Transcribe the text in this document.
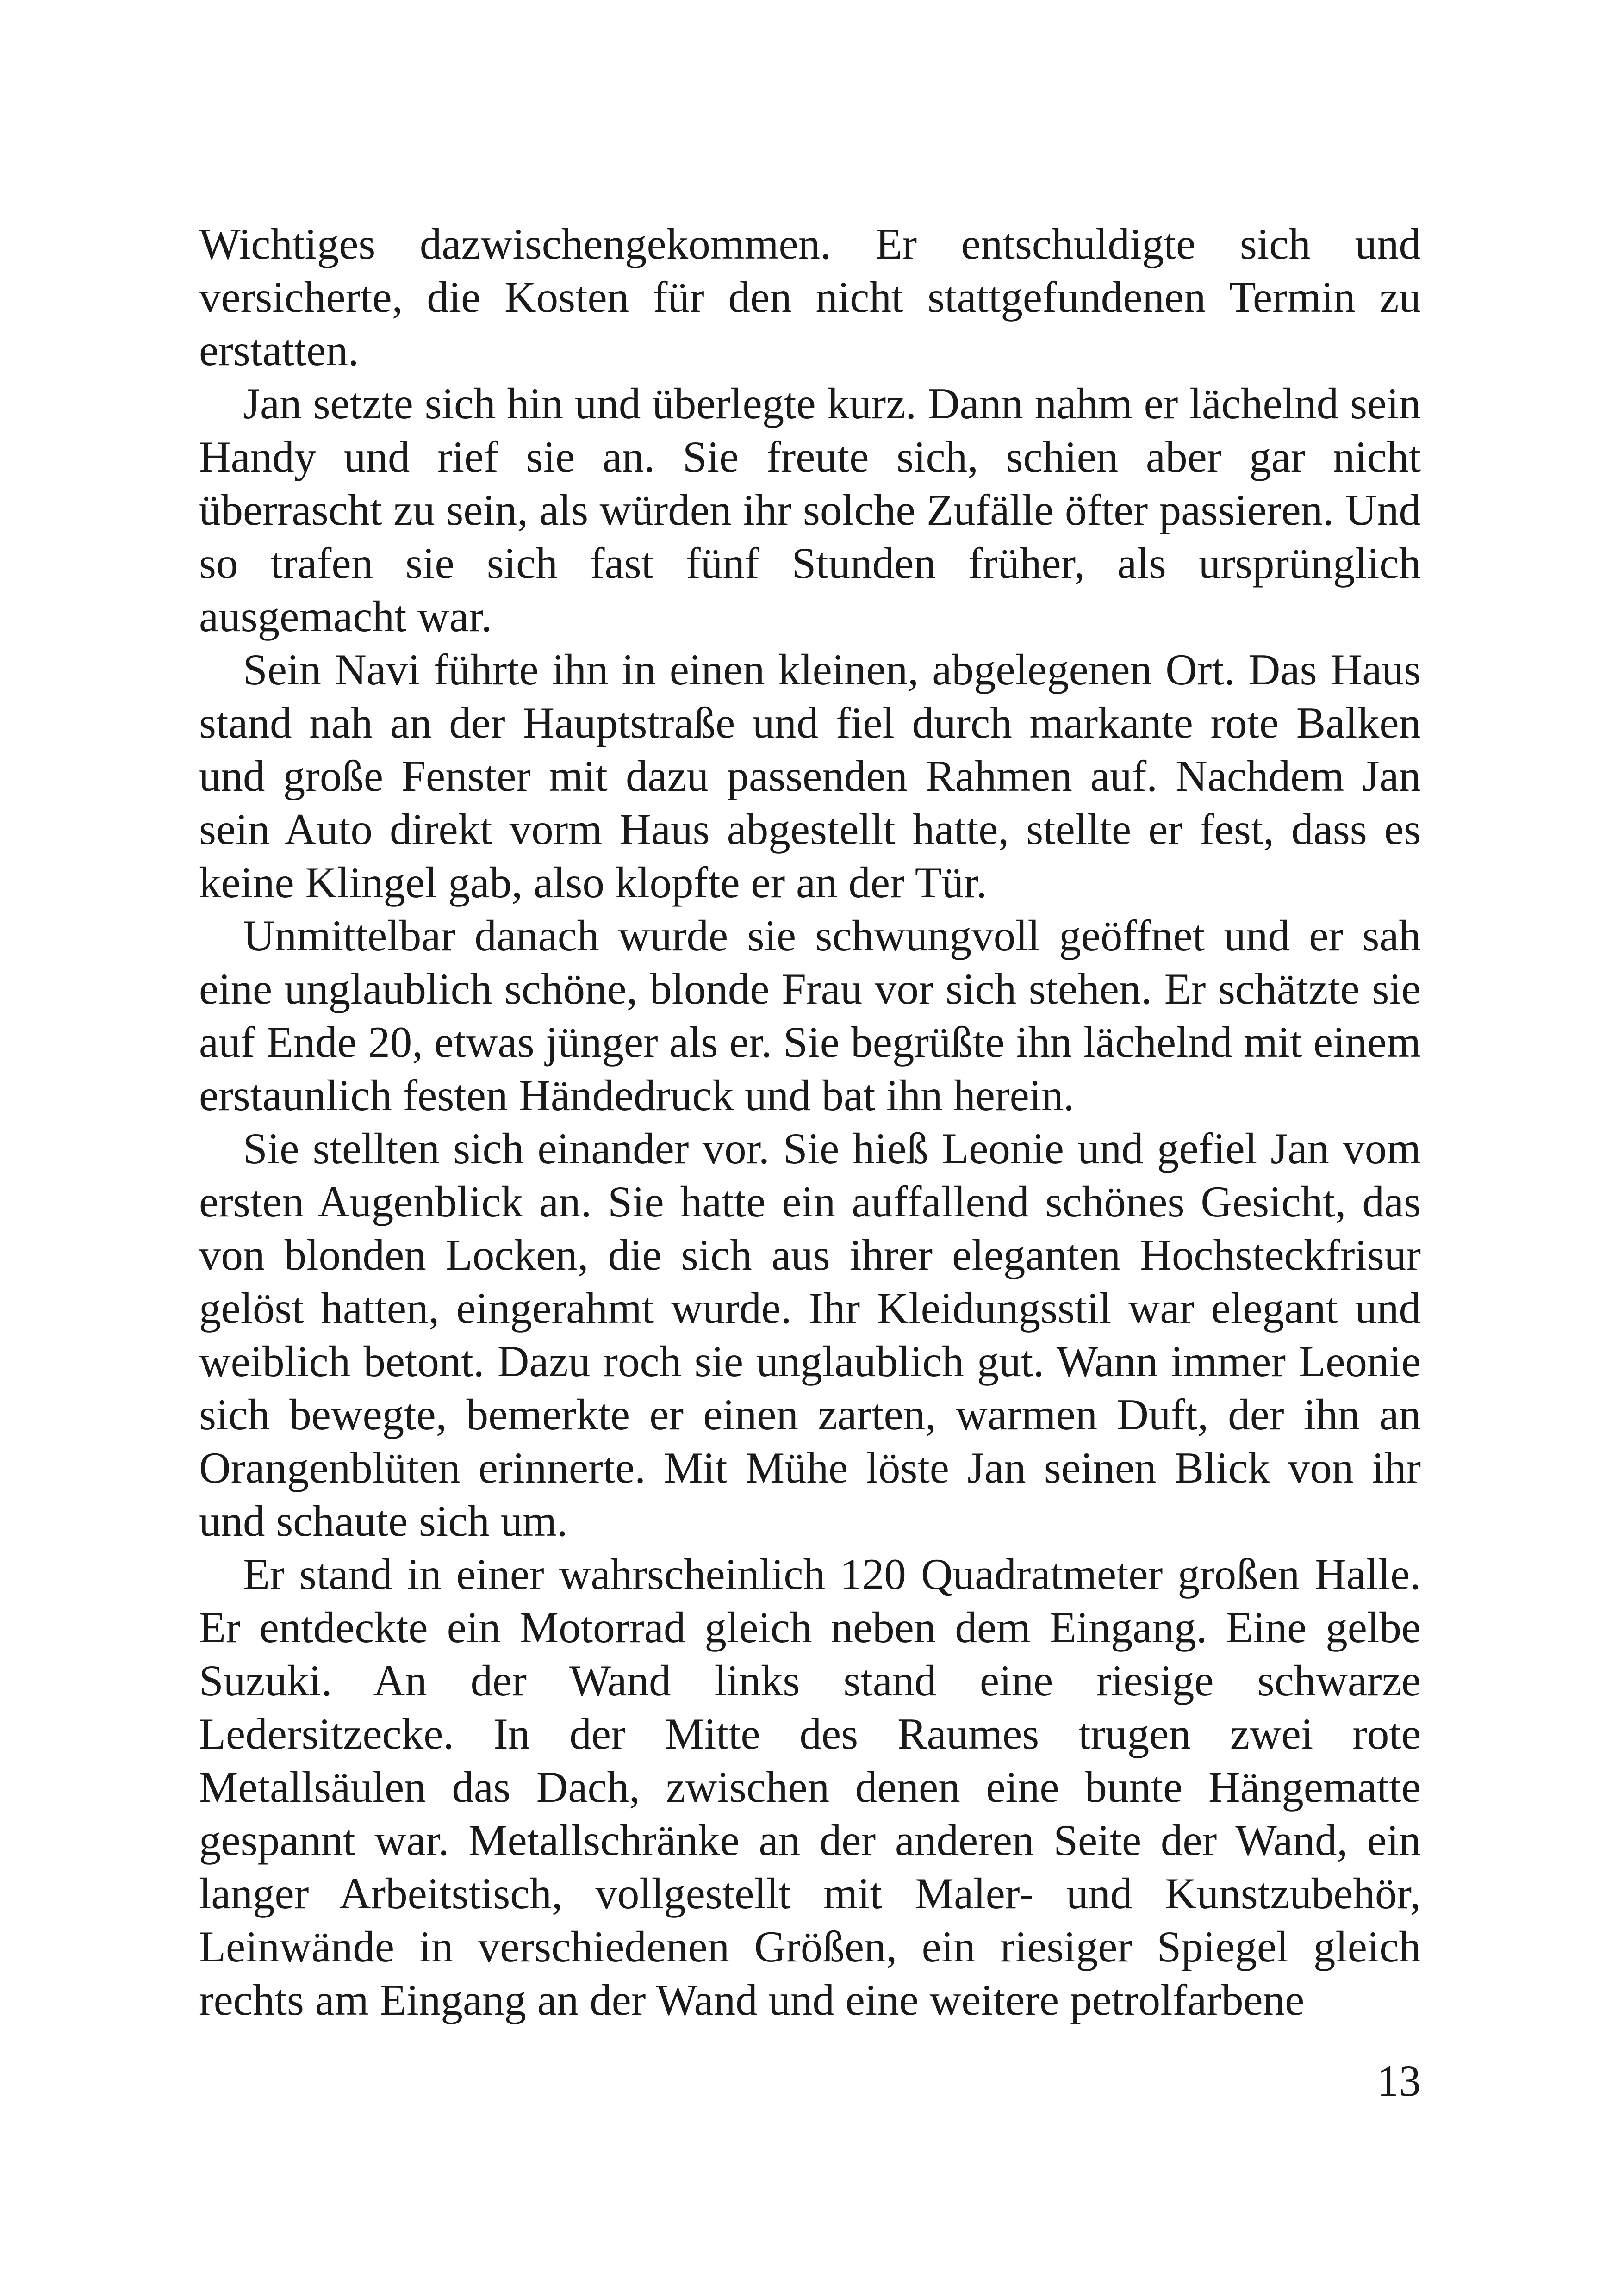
Wichtiges dazwischengekommen. Er entschuldigte sich und versicherte, die Kosten für den nicht stattgefundenen Termin zu erstatten.

Jan setzte sich hin und überlegte kurz. Dann nahm er lächelnd sein Handy und rief sie an. Sie freute sich, schien aber gar nicht überrascht zu sein, als würden ihr solche Zufälle öfter passieren. Und so trafen sie sich fast fünf Stunden früher, als ursprünglich ausgemacht war.

Sein Navi führte ihn in einen kleinen, abgelegenen Ort. Das Haus stand nah an der Hauptstraße und fiel durch markante rote Balken und große Fenster mit dazu passenden Rahmen auf. Nachdem Jan sein Auto direkt vorm Haus abgestellt hatte, stellte er fest, dass es keine Klingel gab, also klopfte er an der Tür.

Unmittelbar danach wurde sie schwungvoll geöffnet und er sah eine unglaublich schöne, blonde Frau vor sich stehen. Er schätzte sie auf Ende 20, etwas jünger als er. Sie begrüßte ihn lächelnd mit einem erstaunlich festen Händedruck und bat ihn herein.

Sie stellten sich einander vor. Sie hieß Leonie und gefiel Jan vom ersten Augenblick an. Sie hatte ein auffallend schönes Gesicht, das von blonden Locken, die sich aus ihrer eleganten Hochsteckfrisur gelöst hatten, eingerahmt wurde. Ihr Kleidungsstil war elegant und weiblich betont. Dazu roch sie unglaublich gut. Wann immer Leonie sich bewegte, bemerkte er einen zarten, warmen Duft, der ihn an Orangenblüten erinnerte. Mit Mühe löste Jan seinen Blick von ihr und schaute sich um.

Er stand in einer wahrscheinlich 120 Quadratmeter großen Halle. Er entdeckte ein Motorrad gleich neben dem Eingang. Eine gelbe Suzuki. An der Wand links stand eine riesige schwarze Ledersitzecke. In der Mitte des Raumes trugen zwei rote Metallsäulen das Dach, zwischen denen eine bunte Hängematte gespannt war. Metallschränke an der anderen Seite der Wand, ein langer Arbeitstisch, vollgestellt mit Maler- und Kunstzubehör, Leinwände in verschiedenen Größen, ein riesiger Spiegel gleich rechts am Eingang an der Wand und eine weitere petrolfarbene

13
